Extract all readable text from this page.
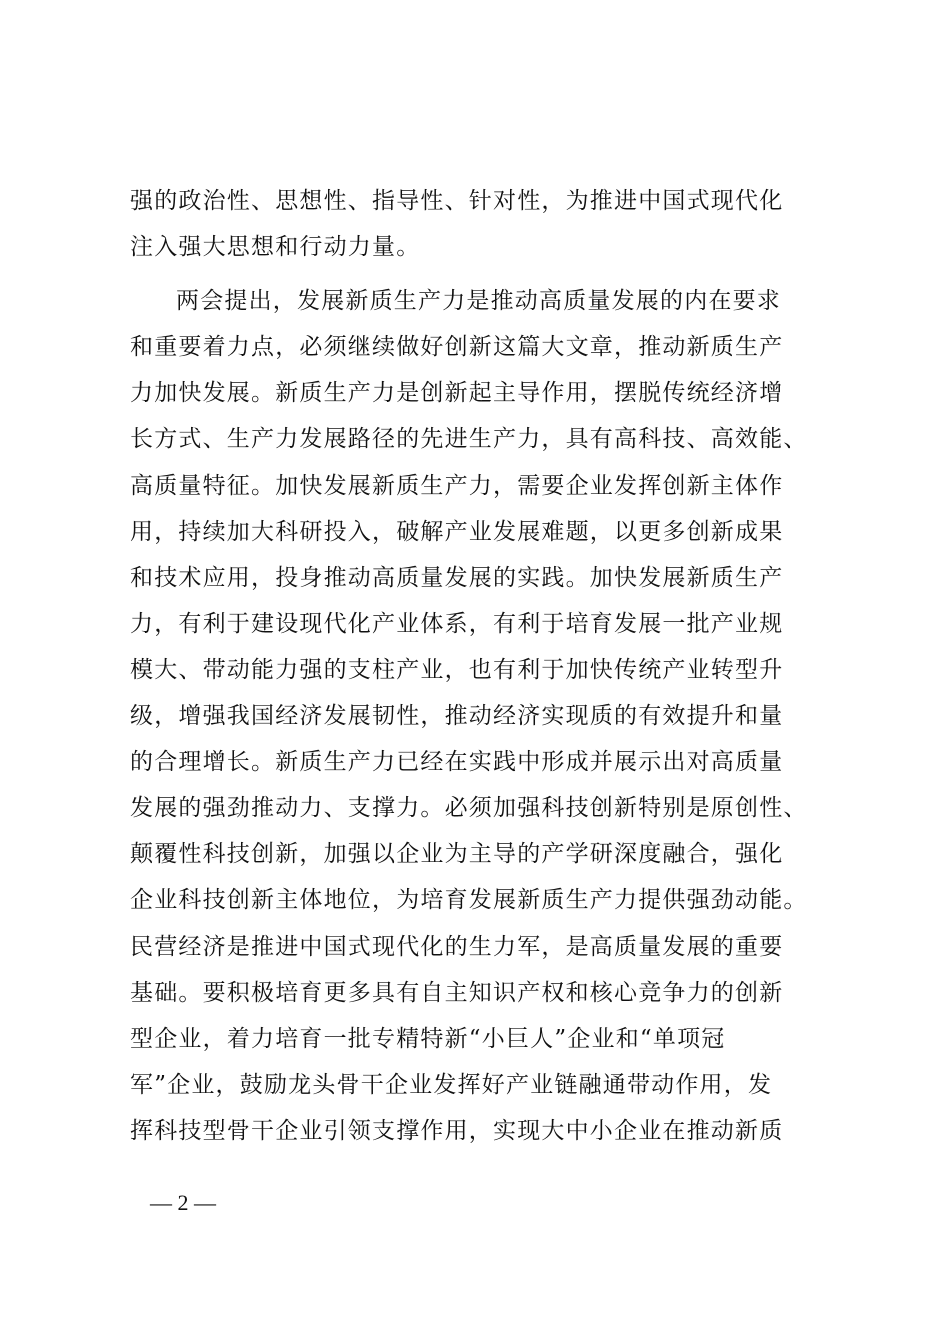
强的政治性、思想性、指导性、针对性，为推进中国式现代化
注入强大思想和行动力量。
两会提出，发展新质生产力是推动高质量发展的内在要求
和重要着力点，必须继续做好创新这篇大文章，推动新质生产
力加快发展。新质生产力是创新起主导作用，摆脱传统经济增
长方式、生产力发展路径的先进生产力，具有高科技、高效能、
高质量特征。加快发展新质生产力，需要企业发挥创新主体作
用，持续加大科研投入，破解产业发展难题，以更多创新成果
和技术应用，投身推动高质量发展的实践。加快发展新质生产
力，有利于建设现代化产业体系，有利于培育发展一批产业规
模大、带动能力强的支柱产业，也有利于加快传统产业转型升
级，增强我国经济发展韧性，推动经济实现质的有效提升和量
的合理增长。新质生产力已经在实践中形成并展示出对高质量
发展的强劲推动力、支撑力。必须加强科技创新特别是原创性、
颠覆性科技创新，加强以企业为主导的产学研深度融合，强化
企业科技创新主体地位，为培育发展新质生产力提供强劲动能。
民营经济是推进中国式现代化的生力军，是高质量发展的重要
基础。要积极培育更多具有自主知识产权和核心竞争力的创新
型企业，着力培育一批专精特新“小巨人”企业和“单项冠
军”企业，鼓励龙头骨干企业发挥好产业链融通带动作用，发
挥科技型骨干企业引领支撑作用，实现大中小企业在推动新质
— 2 —
